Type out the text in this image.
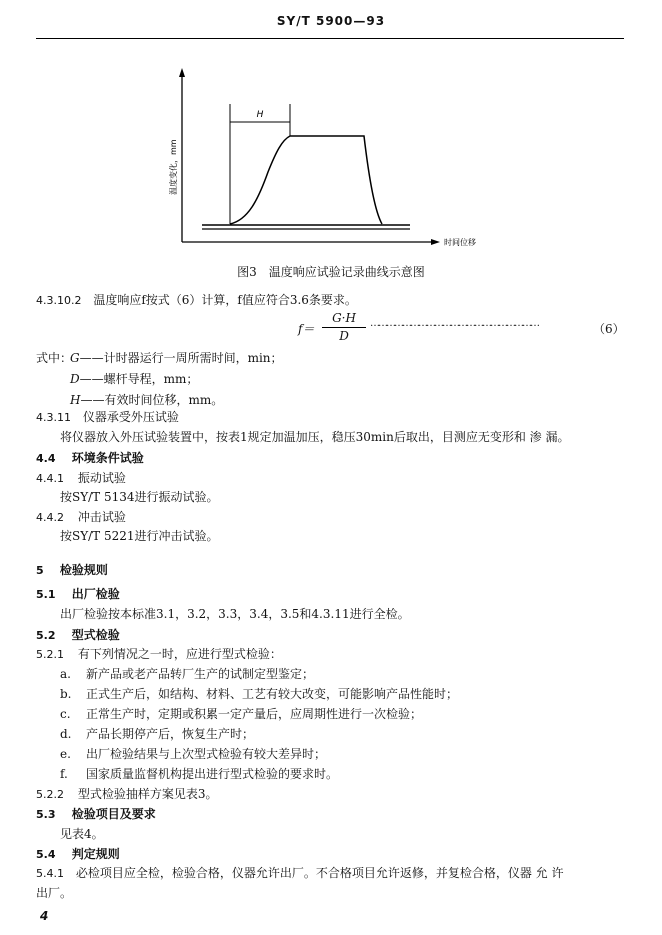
SY/T 5900—93
H
温度变化，mm
时间位移
图3　温度响应试验记录曲线示意图
4.3.10.2 温度响应f按式（6）计算，f值应符合3.6条要求。
f＝
G·H
D
………………………………………………………	（6）
式中：
G——计时器运行一周所需时间，min；
D——螺杆导程，mm；
H——有效时间位移，mm。
4.3.11 仪器承受外压试验
将仪器放入外压试验装置中，按表1规定加温加压，稳压30min后取出，目测应无变形和 渗 漏。
4.4 环境条件试验
4.4.1 振动试验
按SY/T 5134进行振动试验。
4.4.2 冲击试验
按SY/T 5221进行冲击试验。
5 检验规则
5.1 出厂检验
出厂检验按本标准3.1，3.2，3.3，3.4，3.5和4.3.11进行全检。
5.2 型式检验
5.2.1 有下列情况之一时，应进行型式检验：
a. 新产品或老产品转厂生产的试制定型鉴定；
b. 正式生产后，如结构、材料、工艺有较大改变，可能影响产品性能时；
c. 正常生产时，定期或积累一定产量后，应周期性进行一次检验；
d. 产品长期停产后，恢复生产时；
e. 出厂检验结果与上次型式检验有较大差异时；
f. 国家质量监督机构提出进行型式检验的要求时。
5.2.2 型式检验抽样方案见表3。
5.3 检验项目及要求
见表4。
5.4 判定规则
5.4.1 必检项目应全检，检验合格，仪器允许出厂。不合格项目允许返修，并复检合格，仪器 允 许
出厂。
4
